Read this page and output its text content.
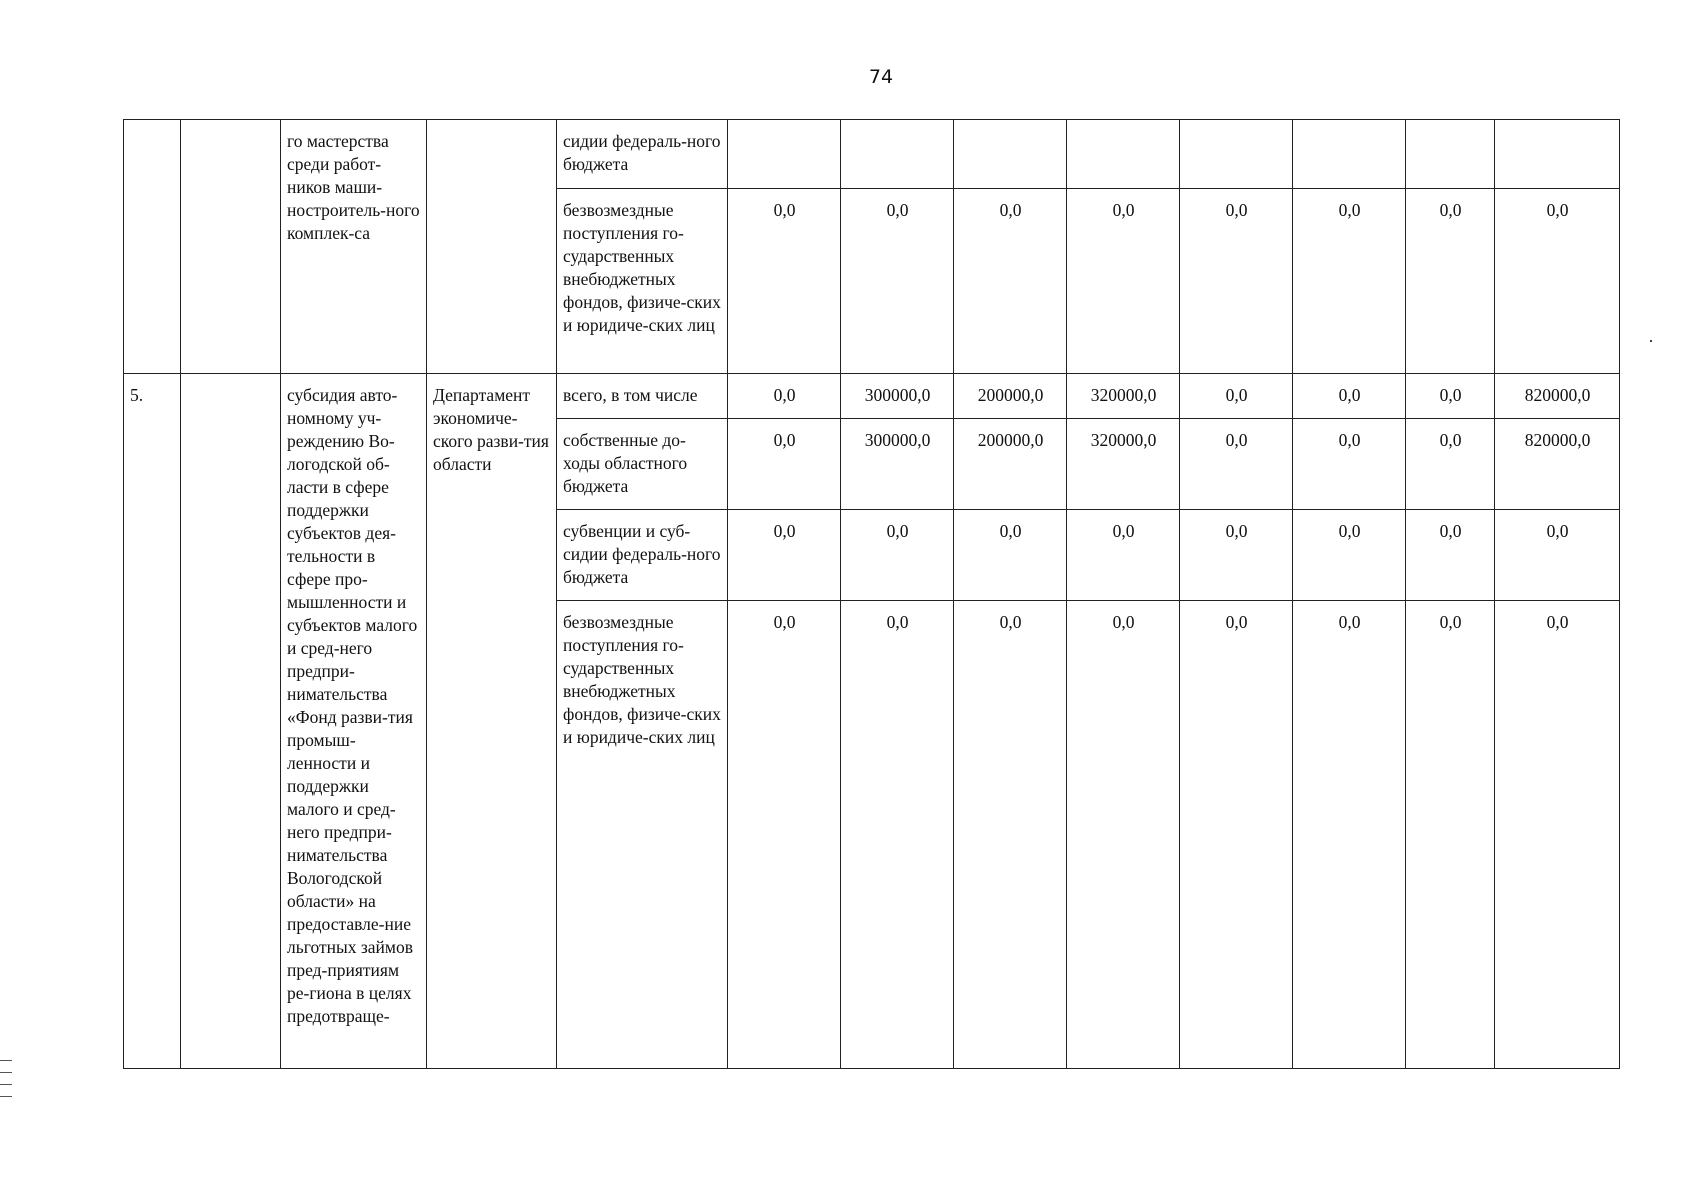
74
		го мастерства среди работ-ников маши-ностроитель-ного комплек-са		сидии федераль-ного бюджета								
				безвозмездные поступления го-сударственных внебюджетных фондов, физиче-ских и юридиче-ских лиц	0,0	0,0	0,0	0,0	0,0	0,0	0,0	0,0
5.		субсидия авто-номному уч-реждению Во-логодской об-ласти в сфере поддержки субъектов дея-тельности в сфере про-мышленности и субъектов малого и сред-него предпри-нимательства «Фонд разви-тия промыш-ленности и поддержки малого и сред-него предпри-нимательства Вологодской области» на предоставле-ние льготных займов пред-приятиям ре-гиона в целях предотвраще-	Департамент экономиче-ского разви-тия области	всего, в том числе	0,0	300000,0	200000,0	320000,0	0,0	0,0	0,0	820000,0
				собственные до-ходы областного бюджета	0,0	300000,0	200000,0	320000,0	0,0	0,0	0,0	820000,0
				субвенции и суб-сидии федераль-ного бюджета	0,0	0,0	0,0	0,0	0,0	0,0	0,0	0,0
				безвозмездные поступления го-сударственных внебюджетных фондов, физиче-ских и юридиче-ских лиц	0,0	0,0	0,0	0,0	0,0	0,0	0,0	0,0
